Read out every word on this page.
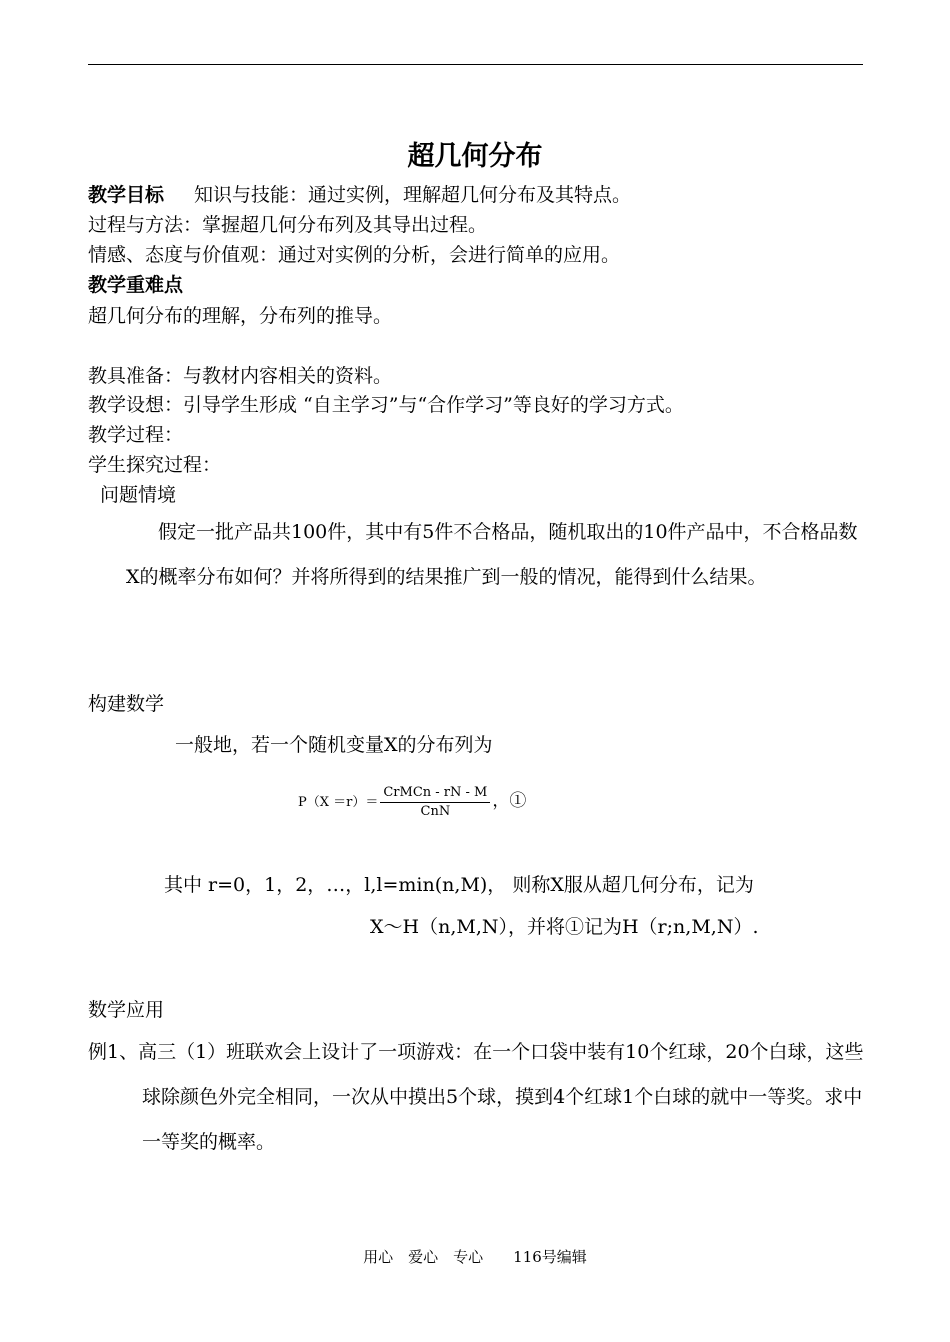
超几何分布
教学目标 知识与技能：通过实例，理解超几何分布及其特点。
过程与方法：掌握超几何分布列及其导出过程。
情感、态度与价值观：通过对实例的分析，会进行简单的应用。
教学重难点
超几何分布的理解，分布列的推导。
教具准备：与教材内容相关的资料。
教学设想：引导学生形成 “自主学习”与“合作学习”等良好的学习方式。
教学过程：
学生探究过程：
问题情境
假定一批产品共100件，其中有5件不合格品，随机取出的10件产品中，不合格品数X的概率分布如何？并将所得到的结果推广到一般的情况，能得到什么结果。
构建数学
一般地，若一个随机变量X的分布列为
$P(X =r)= \frac{\text{CrMCn - rN - M}}{\text{CnN}}$ ，①
其中 r=0，1，2，…，l,l=min(n,M)， 则称X服从超几何分布，记为
X～H（n,M,N），并将①记为H（r;n,M,N）.
数学应用
例1、高三（1）班联欢会上设计了一项游戏：在一个口袋中装有10个红球，20个白球，这些球除颜色外完全相同，一次从中摸出5个球，摸到4个红球1个白球的就中一等奖。求中一等奖的概率。
用心　爱心　专心　　116号编辑
